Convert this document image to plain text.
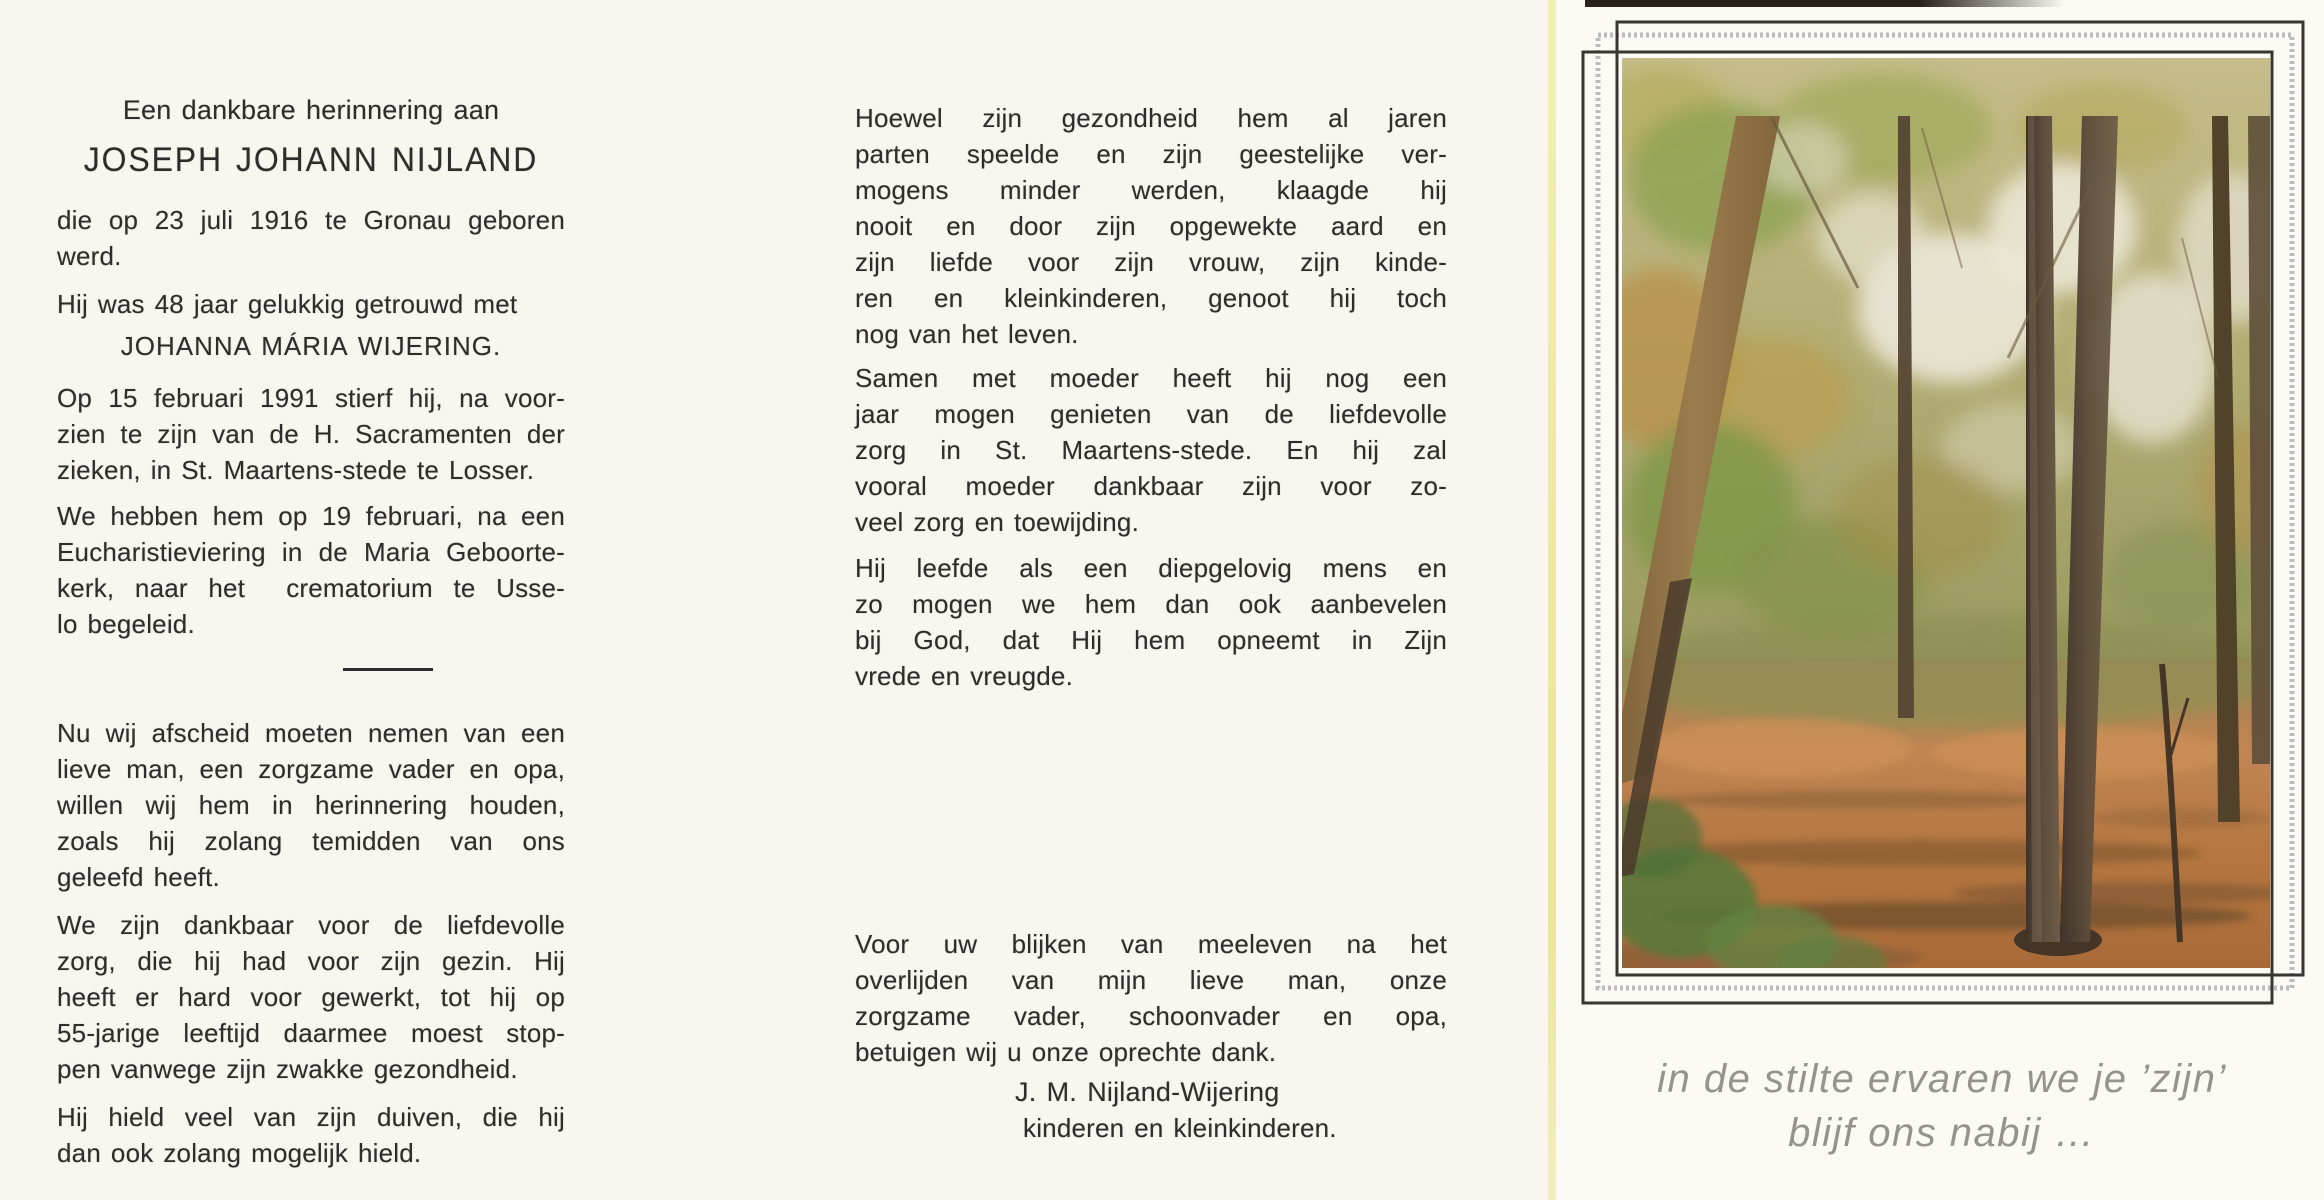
Een dankbare herinnering aan
JOSEPH JOHANN NIJLAND
die op 23 juli 1916 te Gronau geboren
werd.
Hij was 48 jaar gelukkig getrouwd met
JOHANNA MÁRIA WIJERING.
Op 15 februari 1991 stierf hij, na voor-
zien te zijn van de H. Sacramenten der
zieken, in St. Maartens-stede te Losser.
We hebben hem op 19 februari, na een
Eucharistieviering in de Maria Geboorte-
kerk, naar het  crematorium te Usse-
lo begeleid.
Nu wij afscheid moeten nemen van een
lieve man, een zorgzame vader en opa,
willen wij hem in herinnering houden,
zoals hij zolang temidden van ons
geleefd heeft.
We zijn dankbaar voor de liefdevolle
zorg, die hij had voor zijn gezin. Hij
heeft er hard voor gewerkt, tot hij op
55-jarige leeftijd daarmee moest stop-
pen vanwege zijn zwakke gezondheid.
Hij hield veel van zijn duiven, die hij
dan ook zolang mogelijk hield.
Hoewel zijn gezondheid hem al jaren
parten speelde en zijn geestelijke ver-
mogens minder werden, klaagde hij
nooit en door zijn opgewekte aard en
zijn liefde voor zijn vrouw, zijn kinde-
ren en kleinkinderen, genoot hij toch
nog van het leven.
Samen met moeder heeft hij nog een
jaar mogen genieten van de liefdevolle
zorg in St. Maartens-stede. En hij zal
vooral moeder dankbaar zijn voor zo-
veel zorg en toewijding.
Hij leefde als een diepgelovig mens en
zo mogen we hem dan ook aanbevelen
bij God, dat Hij hem opneemt in Zijn
vrede en vreugde.
Voor uw blijken van meeleven na het
overlijden van mijn lieve man, onze
zorgzame vader, schoonvader en opa,
betuigen wij u onze oprechte dank.
J. M. Nijland-Wijering
kinderen en kleinkinderen.
in de stilte ervaren we je ’zijn’
blijf ons nabij …
